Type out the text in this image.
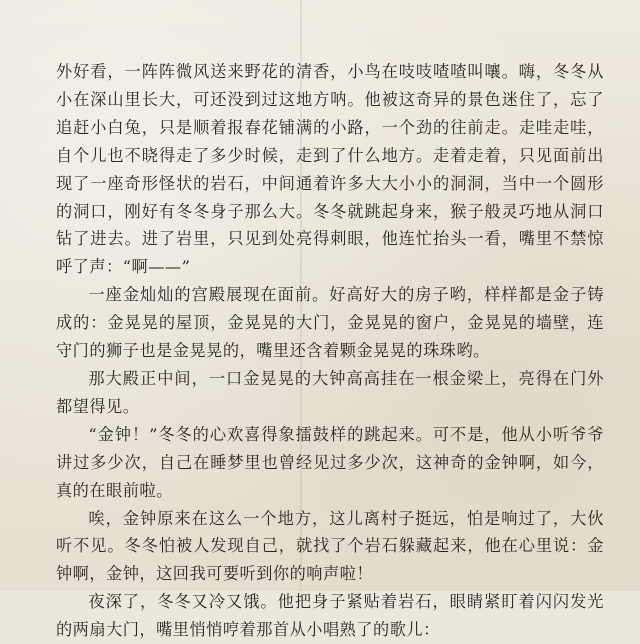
外好看，一阵阵微风送来野花的清香，小鸟在吱吱喳喳叫嚷。嗨，冬冬从小在深山里长大，可还没到过这地方呐。他被这奇异的景色迷住了，忘了追赶小白兔，只是顺着报春花铺满的小路，一个劲的往前走。走哇走哇，自个儿也不晓得走了多少时候，走到了什么地方。走着走着，只见面前出现了一座奇形怪状的岩石，中间通着许多大大小小的洞洞，当中一个圆形的洞口，刚好有冬冬身子那么大。冬冬就跳起身来，猴子般灵巧地从洞口钻了进去。进了岩里，只见到处亮得刺眼，他连忙抬头一看，嘴里不禁惊呼了声：“啊——”

一座金灿灿的宫殿展现在面前。好高好大的房子哟，样样都是金子铸成的：金晃晃的屋顶，金晃晃的大门，金晃晃的窗户，金晃晃的墙壁，连守门的狮子也是金晃晃的，嘴里还含着颗金晃晃的珠珠哟。

那大殿正中间，一口金晃晃的大钟高高挂在一根金梁上，亮得在门外都望得见。

“金钟！”冬冬的心欢喜得象擂鼓样的跳起来。可不是，他从小听爷爷讲过多少次，自己在睡梦里也曾经见过多少次，这神奇的金钟啊，如今，真的在眼前啦。

唉，金钟原来在这么一个地方，这儿离村子挺远，怕是响过了，大伙听不见。冬冬怕被人发现自己，就找了个岩石躲藏起来，他在心里说：金钟啊，金钟，这回我可要听到你的响声啦！

夜深了，冬冬又冷又饿。他把身子紧贴着岩石，眼睛紧盯着闪闪发光的两扇大门，嘴里悄悄哼着那首从小唱熟了的歌儿：
